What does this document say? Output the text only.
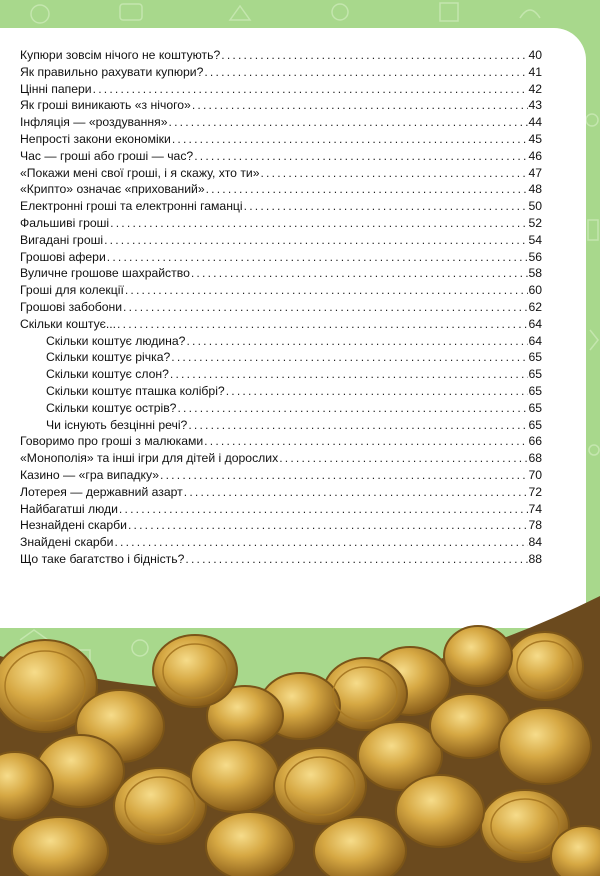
Купюри зовсім нічого не коштують? . . .	40
Як правильно рахувати купюри? . . .	41
Цінні папери . . .	42
Як гроші виникають «з нічого» . . .	43
Інфляція — «роздування» . . .	44
Непрості закони економіки . . .	45
Час — гроші або гроші — час? . . .	46
«Покажи мені свої гроші, і я скажу, хто ти» . . .	47
«Крипто» означає «прихований» . . .	48
Електронні гроші та електронні гаманці . . .	50
Фальшиві гроші . . .	52
Вигадані гроші . . .	54
Грошові афери . . .	56
Вуличне грошове шахрайство . . .	58
Гроші для колекції . . .	60
Грошові забобони . . .	62
Скільки коштує... . . .	64
Скільки коштує людина? . . .	64
Скільки коштує річка? . . .	65
Скільки коштує слон? . . .	65
Скільки коштує пташка колібрі? . . .	65
Скільки коштує острів? . . .	65
Чи існують безцінні речі? . . .	65
Говоримо про гроші з малюками . . .	66
«Монополія» та інші ігри для дітей і дорослих . . .	68
Казино — «гра випадку» . . .	70
Лотерея — державний азарт . . .	72
Найбагатші люди . . .	74
Незнайдені скарби . . .	78
Знайдені скарби . . .	84
Що таке багатство і бідність? . . .	88
